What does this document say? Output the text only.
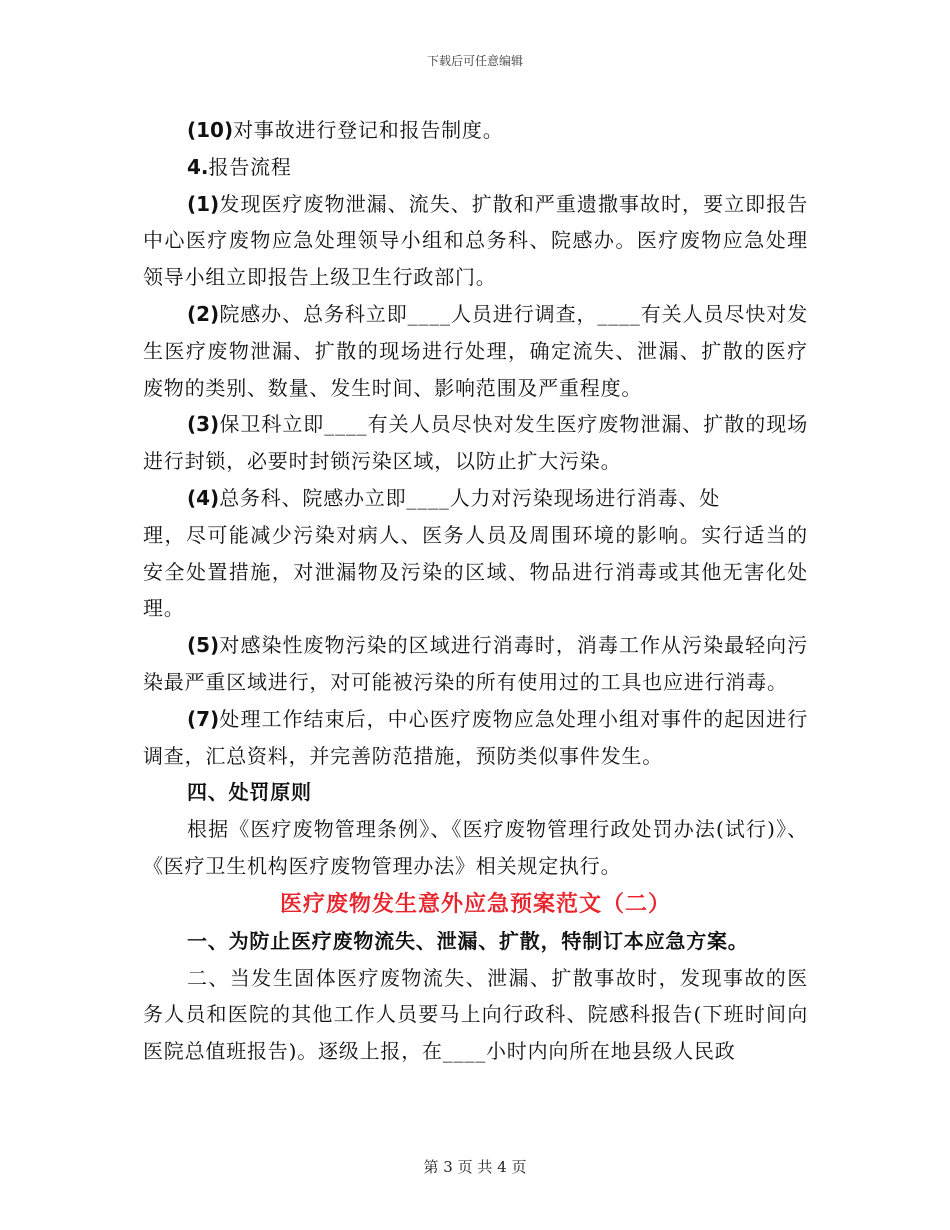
下载后可任意编辑

(10)对事故进行登记和报告制度。

4.报告流程

(1)发现医疗废物泄漏、流失、扩散和严重遗撒事故时，要立即报告中心医疗废物应急处理领导小组和总务科、院感办。医疗废物应急处理领导小组立即报告上级卫生行政部门。

(2)院感办、总务科立即____人员进行调查，____有关人员尽快对发生医疗废物泄漏、扩散的现场进行处理，确定流失、泄漏、扩散的医疗废物的类别、数量、发生时间、影响范围及严重程度。

(3)保卫科立即____有关人员尽快对发生医疗废物泄漏、扩散的现场进行封锁，必要时封锁污染区域，以防止扩大污染。

(4)总务科、院感办立即____人力对污染现场进行消毒、处

理，尽可能减少污染对病人、医务人员及周围环境的影响。实行适当的安全处置措施，对泄漏物及污染的区域、物品进行消毒或其他无害化处理。

(5)对感染性废物污染的区域进行消毒时，消毒工作从污染最轻向污染最严重区域进行，对可能被污染的所有使用过的工具也应进行消毒。

(7)处理工作结束后，中心医疗废物应急处理小组对事件的起因进行调查，汇总资料，并完善防范措施，预防类似事件发生。

四、处罚原则

根据《医疗废物管理条例》、《医疗废物管理行政处罚办法(试行)》、《医疗卫生机构医疗废物管理办法》相关规定执行。

医疗废物发生意外应急预案范文（二）

一、为防止医疗废物流失、泄漏、扩散，特制订本应急方案。

二、当发生固体医疗废物流失、泄漏、扩散事故时，发现事故的医务人员和医院的其他工作人员要马上向行政科、院感科报告(下班时间向医院总值班报告)。逐级上报，在____小时内向所在地县级人民政

第 3 页 共 4 页
